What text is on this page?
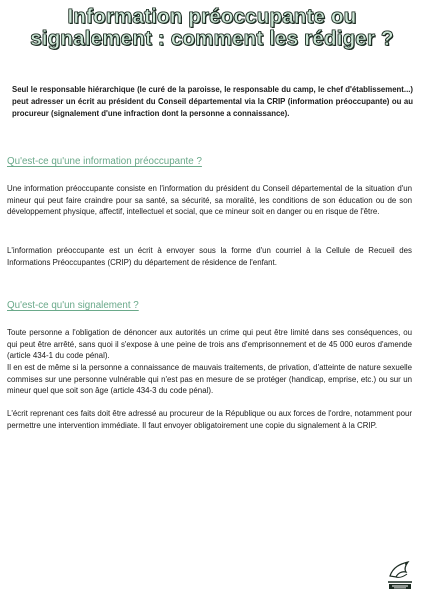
Information préoccupante ou
signalement : comment les rédiger ?
Seul le responsable hiérarchique (le curé de la paroisse, le responsable du camp, le chef d'établissement...) peut adresser un écrit au président du Conseil départemental via la CRIP (information préoccupante) ou au procureur (signalement d'une infraction dont la personne a connaissance).
Qu'est-ce qu'une information préoccupante ?
Une information préoccupante consiste en l'information du président du Conseil départemental de la situation d'un mineur qui peut faire craindre pour sa santé, sa sécurité, sa moralité, les conditions de son éducation ou de son développement physique, affectif, intellectuel et social, que ce mineur soit en danger ou en risque de l'être.
L'information préoccupante est un écrit à envoyer sous la forme d'un courriel à la Cellule de Recueil des Informations Préoccupantes (CRIP) du département de résidence de l'enfant.
Qu'est-ce qu'un signalement ?
Toute personne a l'obligation de dénoncer aux autorités un crime qui peut être limité dans ses conséquences, ou qui peut être arrêté, sans quoi il s'expose à une peine de trois ans d'emprisonnement et de 45 000 euros d'amende (article 434-1 du code pénal).
Il en est de même si la personne a connaissance de mauvais traitements, de privation, d'atteinte de nature sexuelle commises sur une personne vulnérable qui n'est pas en mesure de se protéger (handicap, emprise, etc.) ou sur un mineur quel que soit son âge (article 434-3 du code pénal).
L'écrit reprenant ces faits doit être adressé au procureur de la République ou aux forces de l'ordre, notamment pour permettre une intervention immédiate. Il faut envoyer obligatoirement une copie du signalement à la CRIP.
